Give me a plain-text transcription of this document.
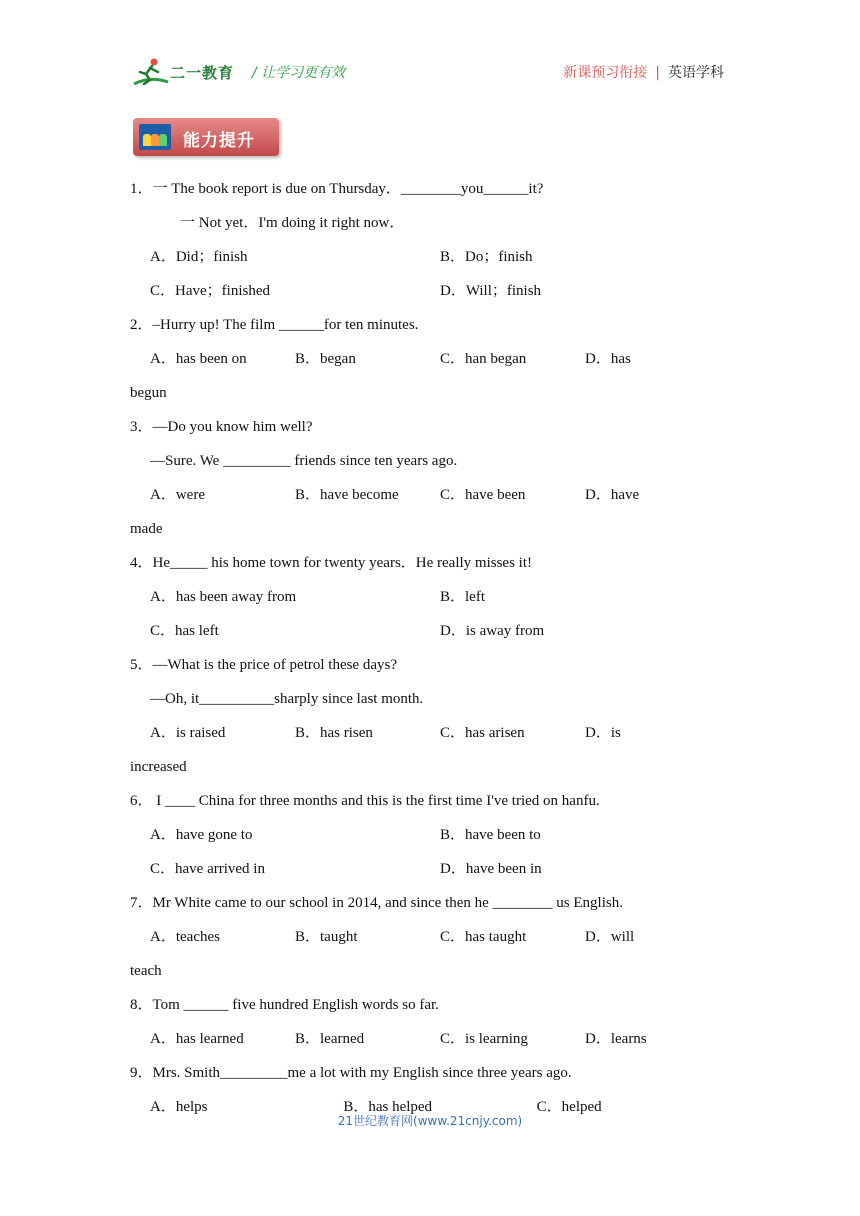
二一教育 / 让学习更有效	新课预习衔接 | 英语学科
能力提升
1．一 The book report is due on Thursday．________you______it?
一 Not yet．I'm doing it right now．
A．Did；finish	B．Do；finish
C．Have；finished	D．Will；finish
2．–Hurry up! The film ______for ten minutes.
A．has been on	B．began	C．han began	D．has
begun
3．—Do you know him well?
—Sure. We _________ friends since ten years ago.
A．were	B．have become	C．have been	D．have
made
4．He_____ his home town for twenty years．He really misses it!
A．has been away from	B．left
C．has left	D．is away from
5．—What is the price of petrol these days?
—Oh, it__________sharply since last month.
A．is raised	B．has risen	C．has arisen	D．is
increased
6． I ____ China for three months and this is the first time I've tried on hanfu.
A．have gone to	B．have been to
C．have arrived in	D．have been in
7．Mr White came to our school in 2014, and since then he ________ us English.
A．teaches	B．taught	C．has taught	D．will
teach
8．Tom ______ five hundred English words so far.
A．has learned	B．learned	C．is learning	D．learns
9．Mrs. Smith_________me a lot with my English since three years ago.
A．helps	B．has helped	C．helped
21世纪教育网(www.21cnjy.com)
